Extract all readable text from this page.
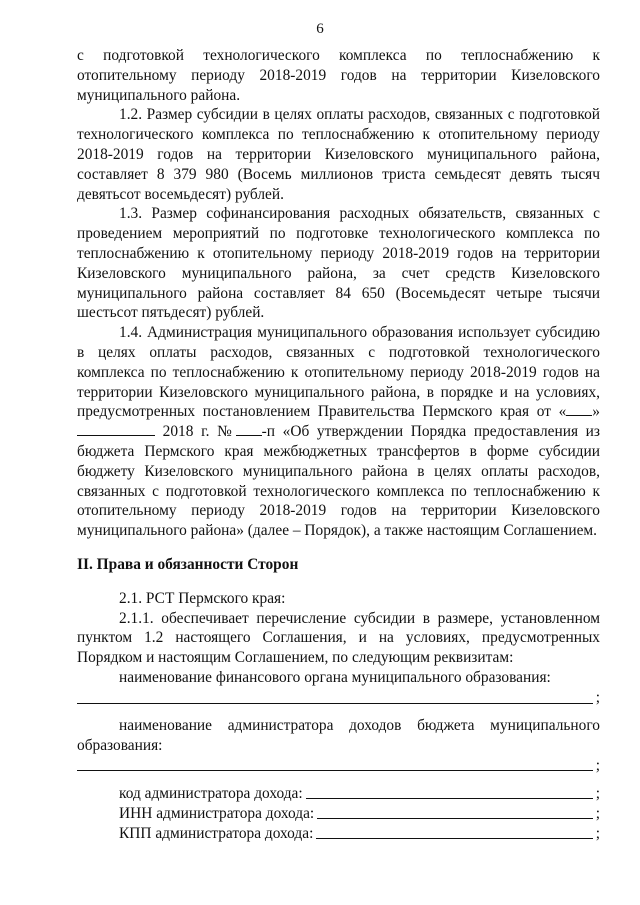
6

с подготовкой технологического комплекса по теплоснабжению к отопительному периоду 2018-2019 годов на территории Кизеловского муниципального района.

1.2. Размер субсидии в целях оплаты расходов, связанных с подготовкой технологического комплекса по теплоснабжению к отопительному периоду 2018-2019 годов на территории Кизеловского муниципального района, составляет 8 379 980 (Восемь миллионов триста семьдесят девять тысяч девятьсот восемьдесят) рублей.

1.3. Размер софинансирования расходных обязательств, связанных с проведением мероприятий по подготовке технологического комплекса по теплоснабжению к отопительному периоду 2018-2019 годов на территории Кизеловского муниципального района, за счет средств Кизеловского муниципального района составляет 84 650 (Восемьдесят четыре тысячи шестьсот пятьдесят) рублей.

1.4. Администрация муниципального образования использует субсидию в целях оплаты расходов, связанных с подготовкой технологического комплекса по теплоснабжению к отопительному периоду 2018-2019 годов на территории Кизеловского муниципального района, в порядке и на условиях, предусмотренных постановлением Правительства Пермского края от « »  2018 г. № -п «Об утверждении Порядка предоставления из бюджета Пермского края межбюджетных трансфертов в форме субсидии бюджету Кизеловского муниципального района в целях оплаты расходов, связанных с подготовкой технологического комплекса по теплоснабжению к отопительному периоду 2018-2019 годов на территории Кизеловского муниципального района» (далее – Порядок), а также настоящим Соглашением.

II. Права и обязанности Сторон

2.1. РСТ Пермского края:

2.1.1. обеспечивает перечисление субсидии в размере, установленном пунктом 1.2 настоящего Соглашения, и на условиях, предусмотренных Порядком и настоящим Соглашением, по следующим реквизитам:

наименование финансового органа муниципального образования:

;

наименование администратора доходов бюджета муниципального образования:

;
код администратора дохода:	;
ИНН администратора дохода:	;
КПП администратора дохода:	;
